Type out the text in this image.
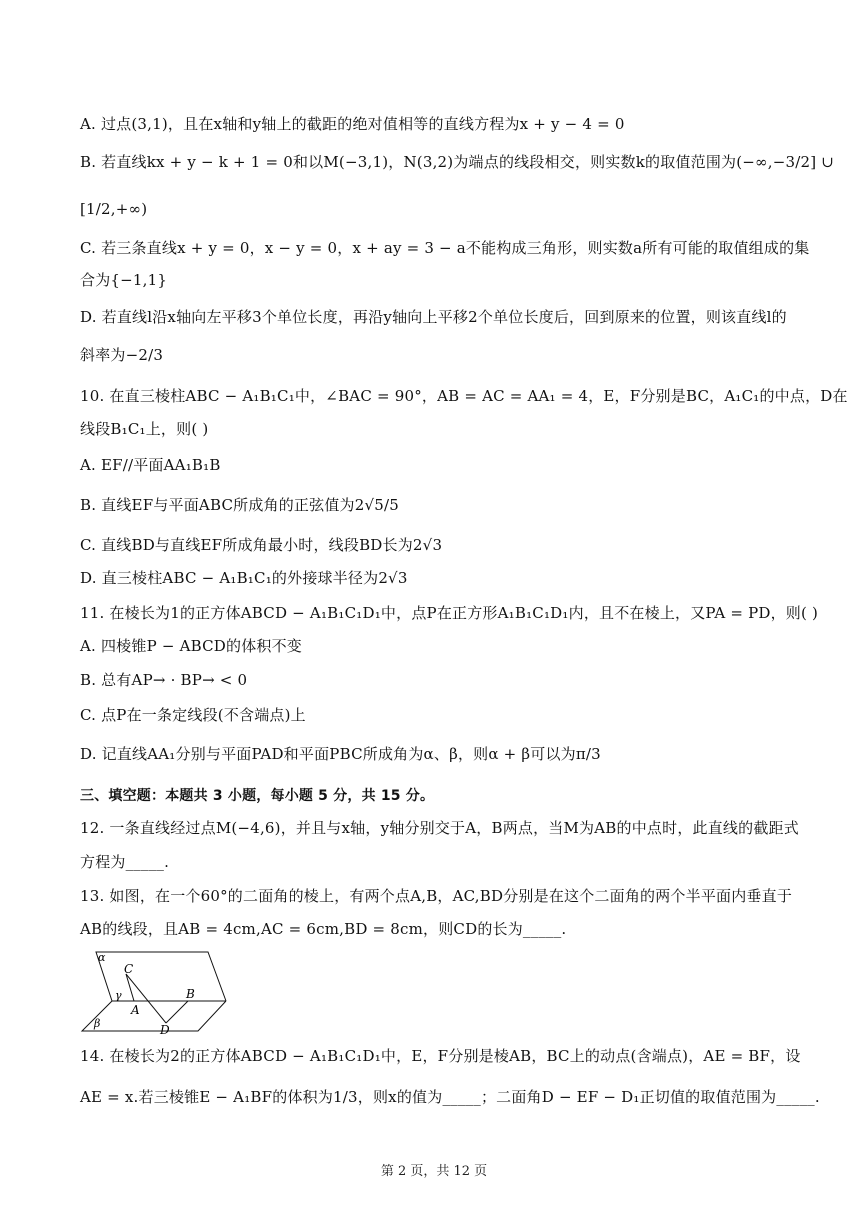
A. 过点(3,1)，且在x轴和y轴上的截距的绝对值相等的直线方程为x + y − 4 = 0
B. 若直线kx + y − k + 1 = 0和以M(−3,1)，N(3,2)为端点的线段相交，则实数k的取值范围为(−∞,−3/2] ∪
[1/2,+∞)
C. 若三条直线x + y = 0，x − y = 0，x + ay = 3 − a不能构成三角形，则实数a所有可能的取值组成的集
合为{−1,1}
D. 若直线l沿x轴向左平移3个单位长度，再沿y轴向上平移2个单位长度后，回到原来的位置，则该直线l的
斜率为−2/3
10. 在直三棱柱ABC − A₁B₁C₁中，∠BAC = 90°，AB = AC = AA₁ = 4，E，F分别是BC，A₁C₁的中点，D在
线段B₁C₁上，则( )
A. EF//平面AA₁B₁B
B. 直线EF与平面ABC所成角的正弦值为2√5/5
C. 直线BD与直线EF所成角最小时，线段BD长为2√3
D. 直三棱柱ABC − A₁B₁C₁的外接球半径为2√3
11. 在棱长为1的正方体ABCD − A₁B₁C₁D₁中，点P在正方形A₁B₁C₁D₁内，且不在棱上，又PA = PD，则( )
A. 四棱锥P − ABCD的体积不变
B. 总有AP→ · BP→ < 0
C. 点P在一条定线段(不含端点)上
D. 记直线AA₁分别与平面PAD和平面PBC所成角为α、β，则α + β可以为π/3
三、填空题：本题共 3 小题，每小题 5 分，共 15 分。
12. 一条直线经过点M(−4,6)，并且与x轴，y轴分别交于A，B两点，当M为AB的中点时，此直线的截距式
方程为_____.
13. 如图，在一个60°的二面角的棱上，有两个点A,B，AC,BD分别是在这个二面角的两个半平面内垂直于
AB的线段，且AB = 4cm,AC = 6cm,BD = 8cm，则CD的长为_____.
α
β
γ
C
A
B
D
14. 在棱长为2的正方体ABCD − A₁B₁C₁D₁中，E，F分别是棱AB，BC上的动点(含端点)，AE = BF，设
AE = x.若三棱锥E − A₁BF的体积为1/3，则x的值为_____；二面角D − EF − D₁正切值的取值范围为_____.
第 2 页，共 12 页
